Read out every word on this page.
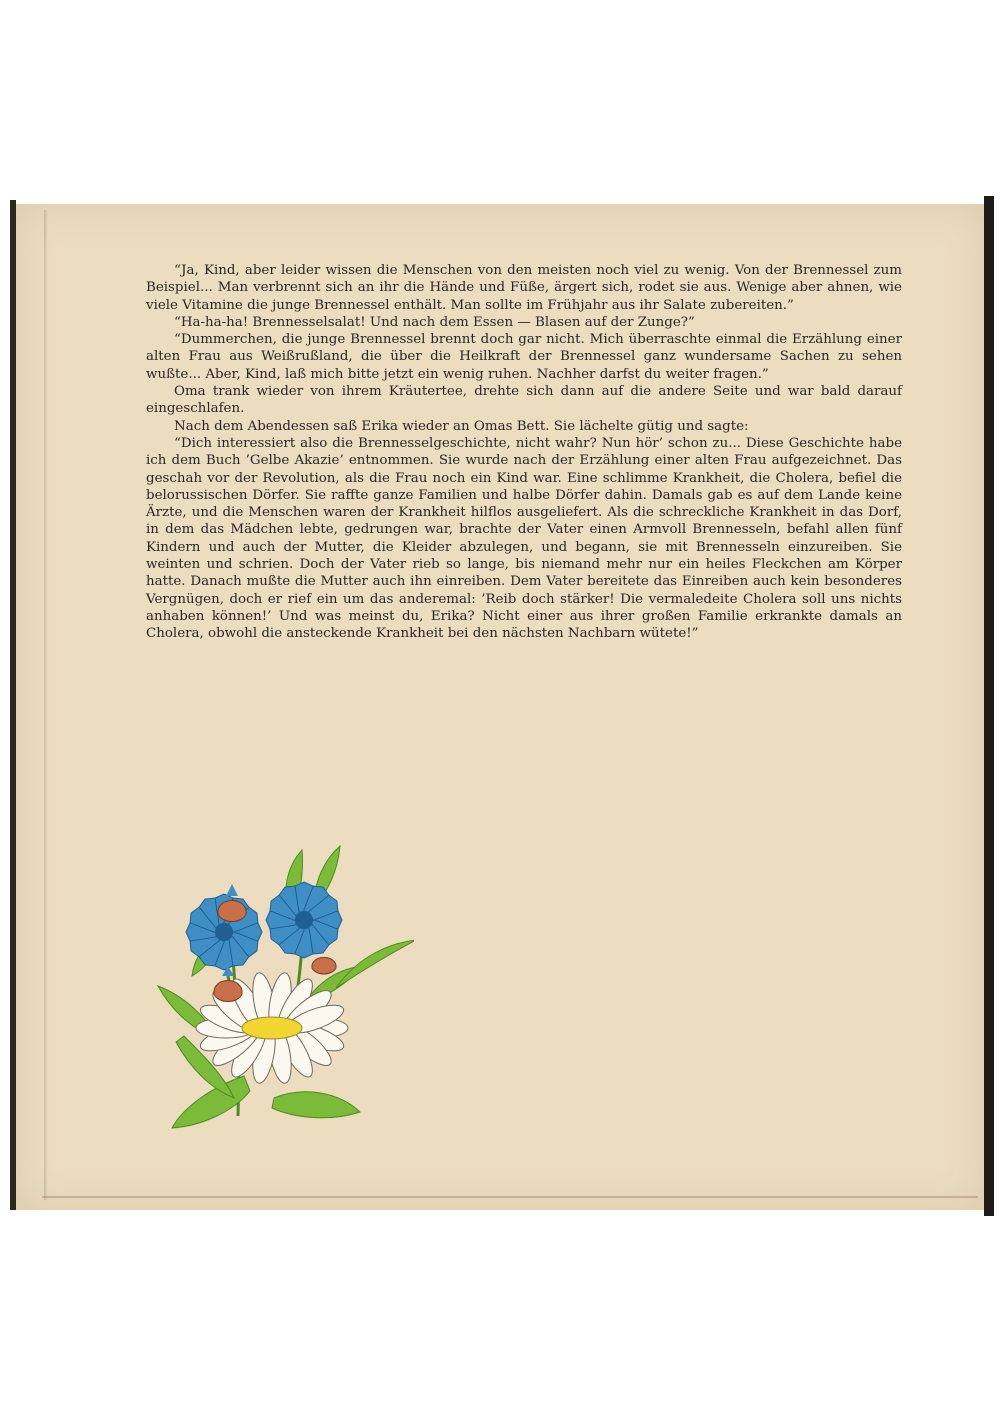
“Ja, Kind, aber leider wissen die Menschen von den meisten noch viel zu wenig. Von der Brennessel zum Beispiel... Man verbrennt sich an ihr die Hände und Füße, ärgert sich, rodet sie aus. Wenige aber ahnen, wie viele Vitamine die junge Brennessel enthält. Man sollte im Frühjahr aus ihr Salate zubereiten.”

“Ha-ha-ha! Brennesselsalat! Und nach dem Essen — Blasen auf der Zunge?”

“Dummerchen, die junge Brennessel brennt doch gar nicht. Mich überraschte einmal die Erzählung einer alten Frau aus Weißrußland, die über die Heilkraft der Brennessel ganz wundersame Sachen zu sehen wußte... Aber, Kind, laß mich bitte jetzt ein wenig ruhen. Nachher darfst du weiter fragen.”

Oma trank wieder von ihrem Kräutertee, drehte sich dann auf die andere Seite und war bald darauf eingeschlafen.

Nach dem Abendessen saß Erika wieder an Omas Bett. Sie lächelte gütig und sagte:

“Dich interessiert also die Brennesselgeschichte, nicht wahr? Nun hör’ schon zu... Diese Geschichte habe ich dem Buch ’Gelbe Akazie’ entnommen. Sie wurde nach der Erzählung einer alten Frau aufgezeichnet. Das geschah vor der Revolution, als die Frau noch ein Kind war. Eine schlimme Krankheit, die Cholera, befiel die belorussischen Dörfer. Sie raffte ganze Familien und halbe Dörfer dahin. Damals gab es auf dem Lande keine Ärzte, und die Menschen waren der Krankheit hilflos ausgeliefert. Als die schreckliche Krankheit in das Dorf, in dem das Mädchen lebte, gedrungen war, brachte der Vater einen Armvoll Brennesseln, befahl allen fünf Kindern und auch der Mutter, die Kleider abzulegen, und begann, sie mit Brennesseln einzureiben. Sie weinten und schrien. Doch der Vater rieb so lange, bis niemand mehr nur ein heiles Fleckchen am Körper hatte. Danach mußte die Mutter auch ihn einreiben. Dem Vater bereitete das Einreiben auch kein besonderes Vergnügen, doch er rief ein um das anderemal: ’Reib doch stärker! Die vermaledeite Cholera soll uns nichts anhaben können!’ Und was meinst du, Erika? Nicht einer aus ihrer großen Familie erkrankte damals an Cholera, obwohl die ansteckende Krankheit bei den nächsten Nachbarn wütete!”
